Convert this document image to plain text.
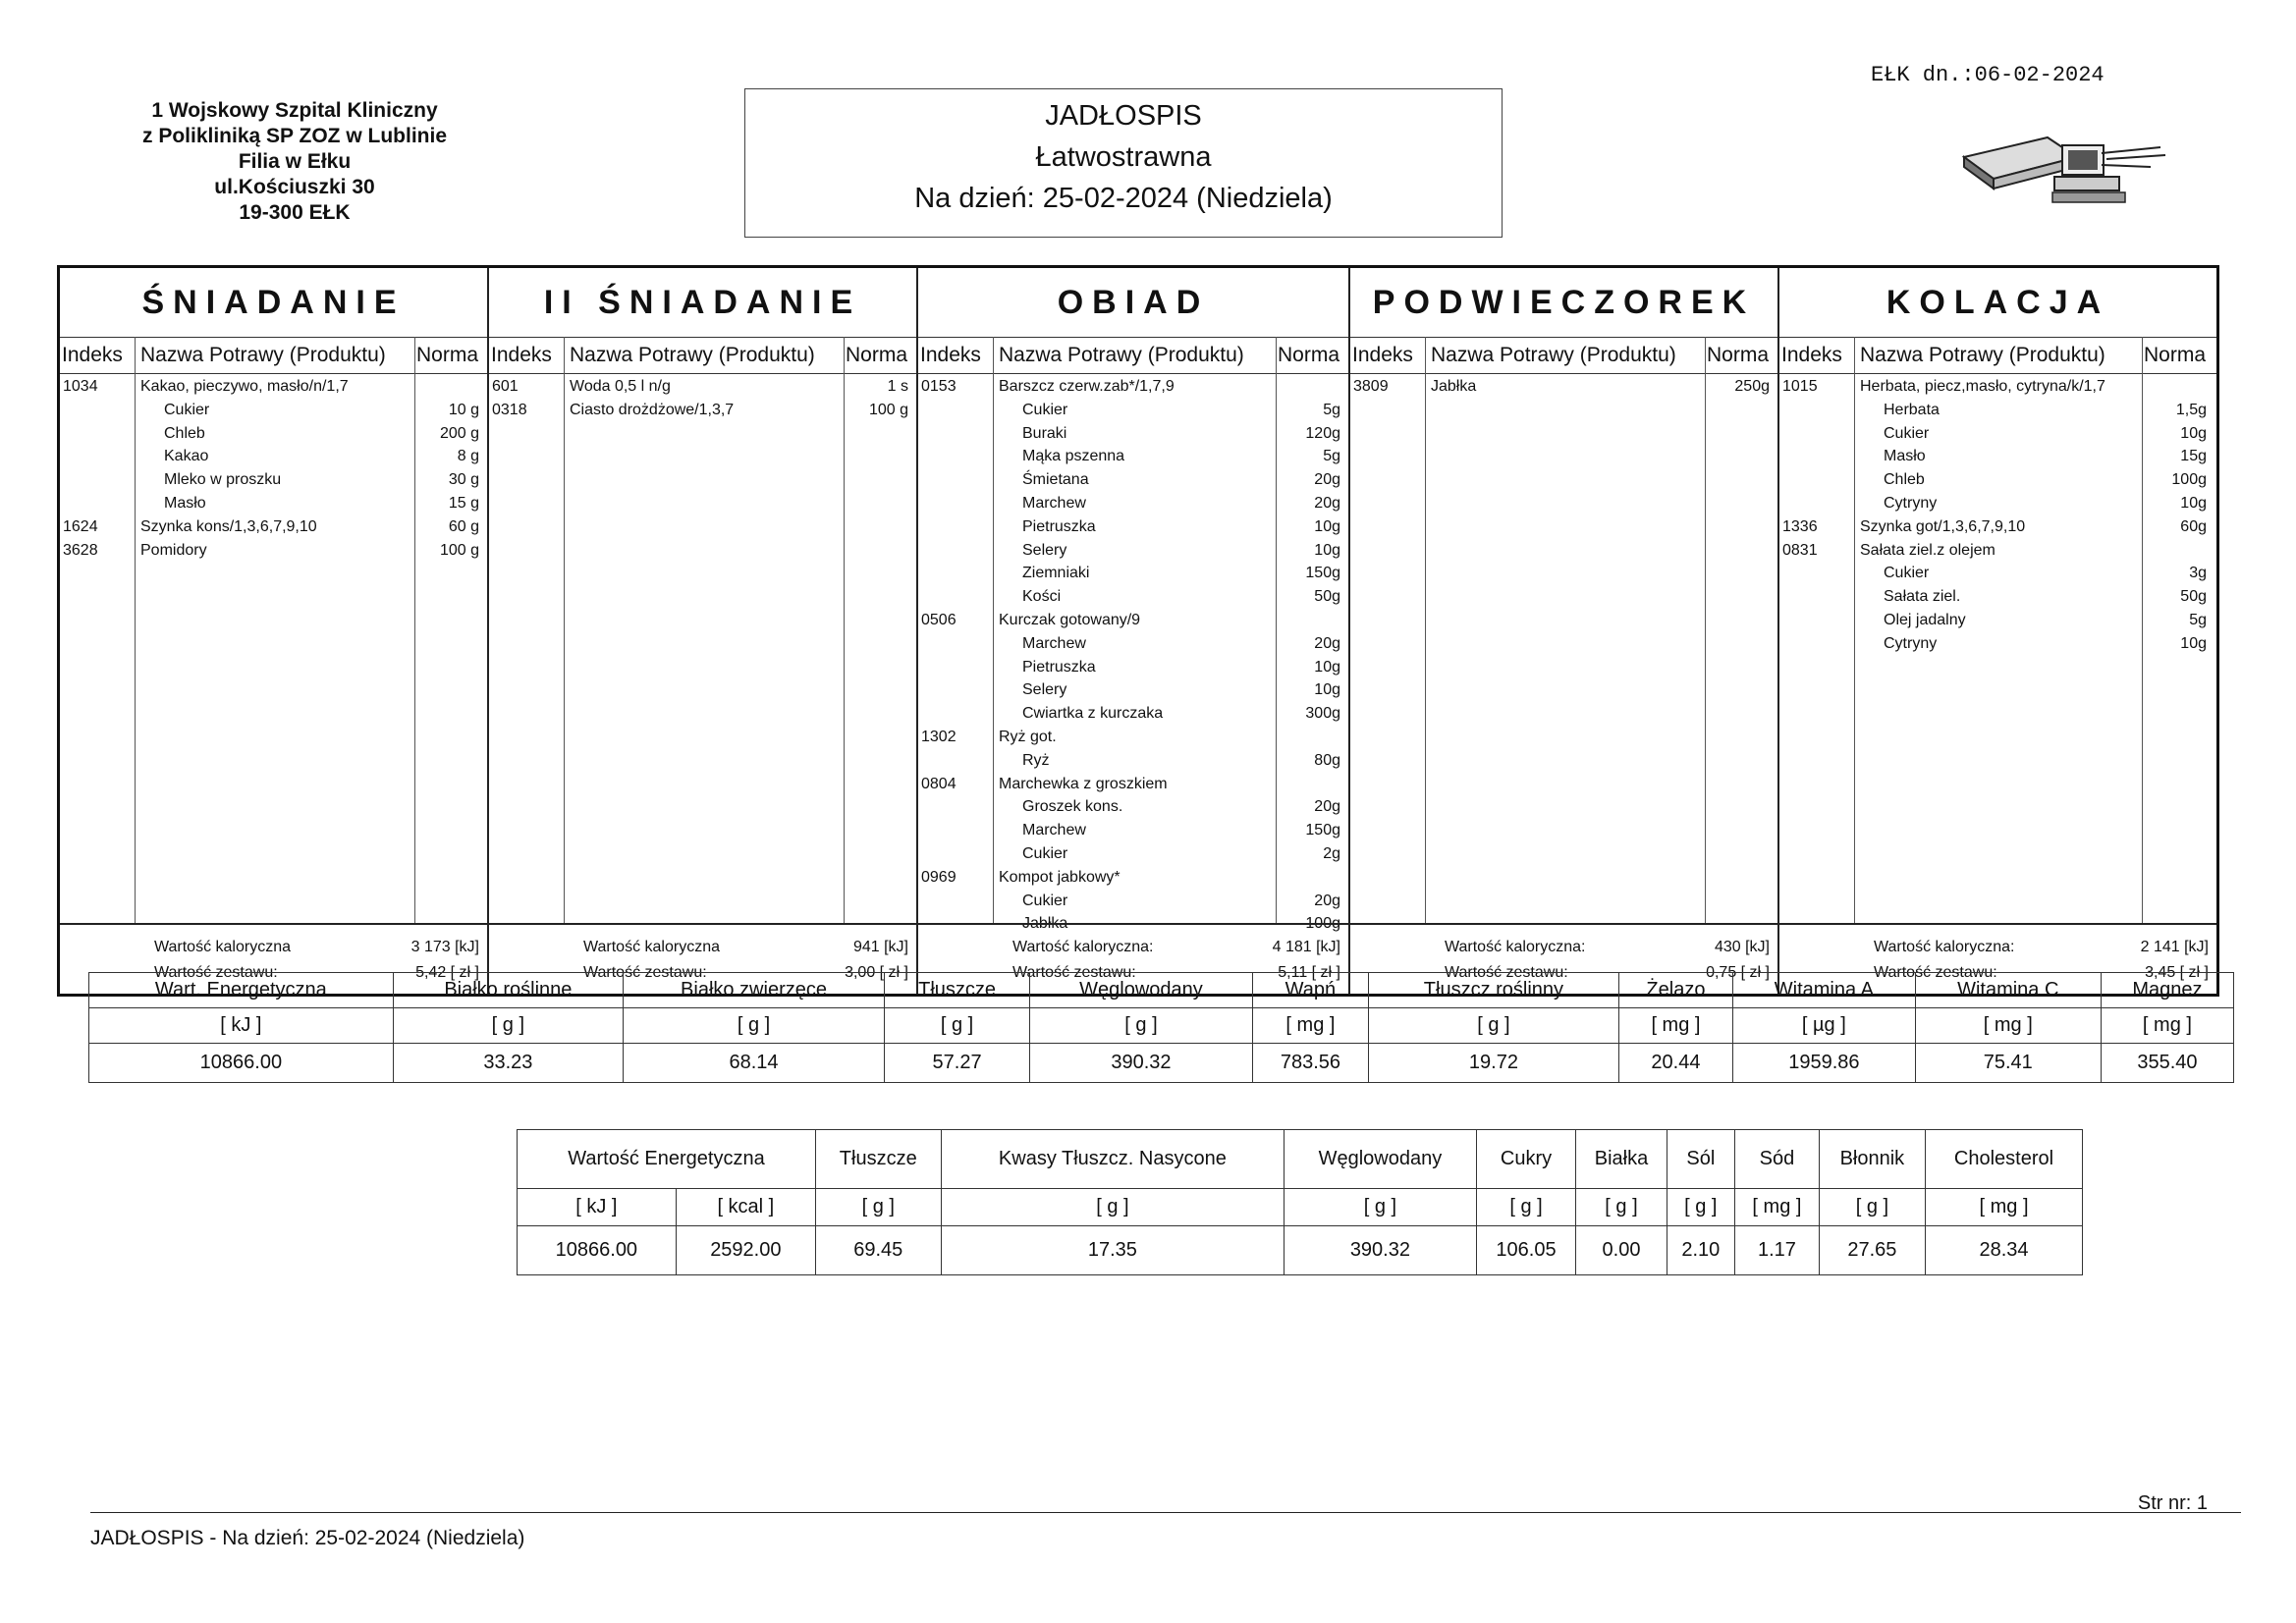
1 Wojskowy Szpital Kliniczny
z Polikliniką SP ZOZ w Lublinie
Filia w Ełku
ul.Kościuszki 30
19-300 EŁK
JADŁOSPIS
Łatwostrawna
Na dzień: 25-02-2024 (Niedziela)
EŁK dn.:06-02-2024
ŚNIADANIE
Indeks Nazwa Potrawy (Produktu) Norma
1034	Kakao, pieczywo, masło/n/1,7
Cukier	10 g
Chleb	200 g
Kakao	8 g
Mleko w proszku	30 g
Masło	15 g
1624	Szynka kons/1,3,6,7,9,10	60 g
3628	Pomidory	100 g
Wartość kaloryczna	3 173 [kJ]
Wartość zestawu:	5,42 [ zł ]
II ŚNIADANIE
Indeks Nazwa Potrawy (Produktu) Norma
601	Woda 0,5 l n/g	1 s
0318	Ciasto drożdżowe/1,3,7	100 g
Wartość kaloryczna	941 [kJ]
Wartość zestawu:	3,00 [ zł ]
OBIAD
Indeks Nazwa Potrawy (Produktu) Norma
0153	Barszcz czerw.zab*/1,7,9
Cukier	5g
Buraki	120g
Mąka pszenna	5g
Śmietana	20g
Marchew	20g
Pietruszka	10g
Selery	10g
Ziemniaki	150g
Kości	50g
0506	Kurczak gotowany/9
Marchew	20g
Pietruszka	10g
Selery	10g
Cwiartka z kurczaka	300g
1302	Ryż got.
Ryż	80g
0804	Marchewka z groszkiem
Groszek kons.	20g
Marchew	150g
Cukier	2g
0969	Kompot jabkowy*
Cukier	20g
Jabłka	100g
Wartość kaloryczna:	4 181 [kJ]
Wartość zestawu:	5,11 [ zł ]
PODWIECZOREK
Indeks Nazwa Potrawy (Produktu) Norma
3809	Jabłka	250g
Wartość kaloryczna:	430 [kJ]
Wartość zestawu:	0,75 [ zł ]
KOLACJA
Indeks Nazwa Potrawy (Produktu) Norma
1015	Herbata, piecz,masło, cytryna/k/1,7
Herbata	1,5g
Cukier	10g
Masło	15g
Chleb	100g
Cytryny	10g
1336	Szynka got/1,3,6,7,9,10	60g
0831	Sałata ziel.z olejem
Cukier	3g
Sałata ziel.	50g
Olej jadalny	5g
Cytryny	10g
Wartość kaloryczna:	2 141 [kJ]
Wartość zestawu:	3,45 [ zł ]
Wart. Energetyczna	Białko roślinne	Białko zwierzęce	Tłuszcze	Węglowodany	Wapń	Tłuszcz roślinny	Żelazo	Witamina A	Witamina C	Magnez
[ kJ ]	[ g ]	[ g ]	[ g ]	[ g ]	[ mg ]	[ g ]	[ mg ]	[ µg ]	[ mg ]	[ mg ]
10866.00	33.23	68.14	57.27	390.32	783.56	19.72	20.44	1959.86	75.41	355.40
Wartość Energetyczna		Tłuszcze	Kwasy Tłuszcz. Nasycone	Węglowodany	Cukry	Białka	Sól	Sód	Błonnik	Cholesterol
[ kJ ]	[ kcal ]	[ g ]	[ g ]	[ g ]	[ g ]	[ g ]	[ g ]	[ mg ]	[ g ]	[ mg ]
10866.00	2592.00	69.45	17.35	390.32	106.05	0.00	2.10	1.17	27.65	28.34
Str nr: 1
JADŁOSPIS - Na dzień: 25-02-2024 (Niedziela)
